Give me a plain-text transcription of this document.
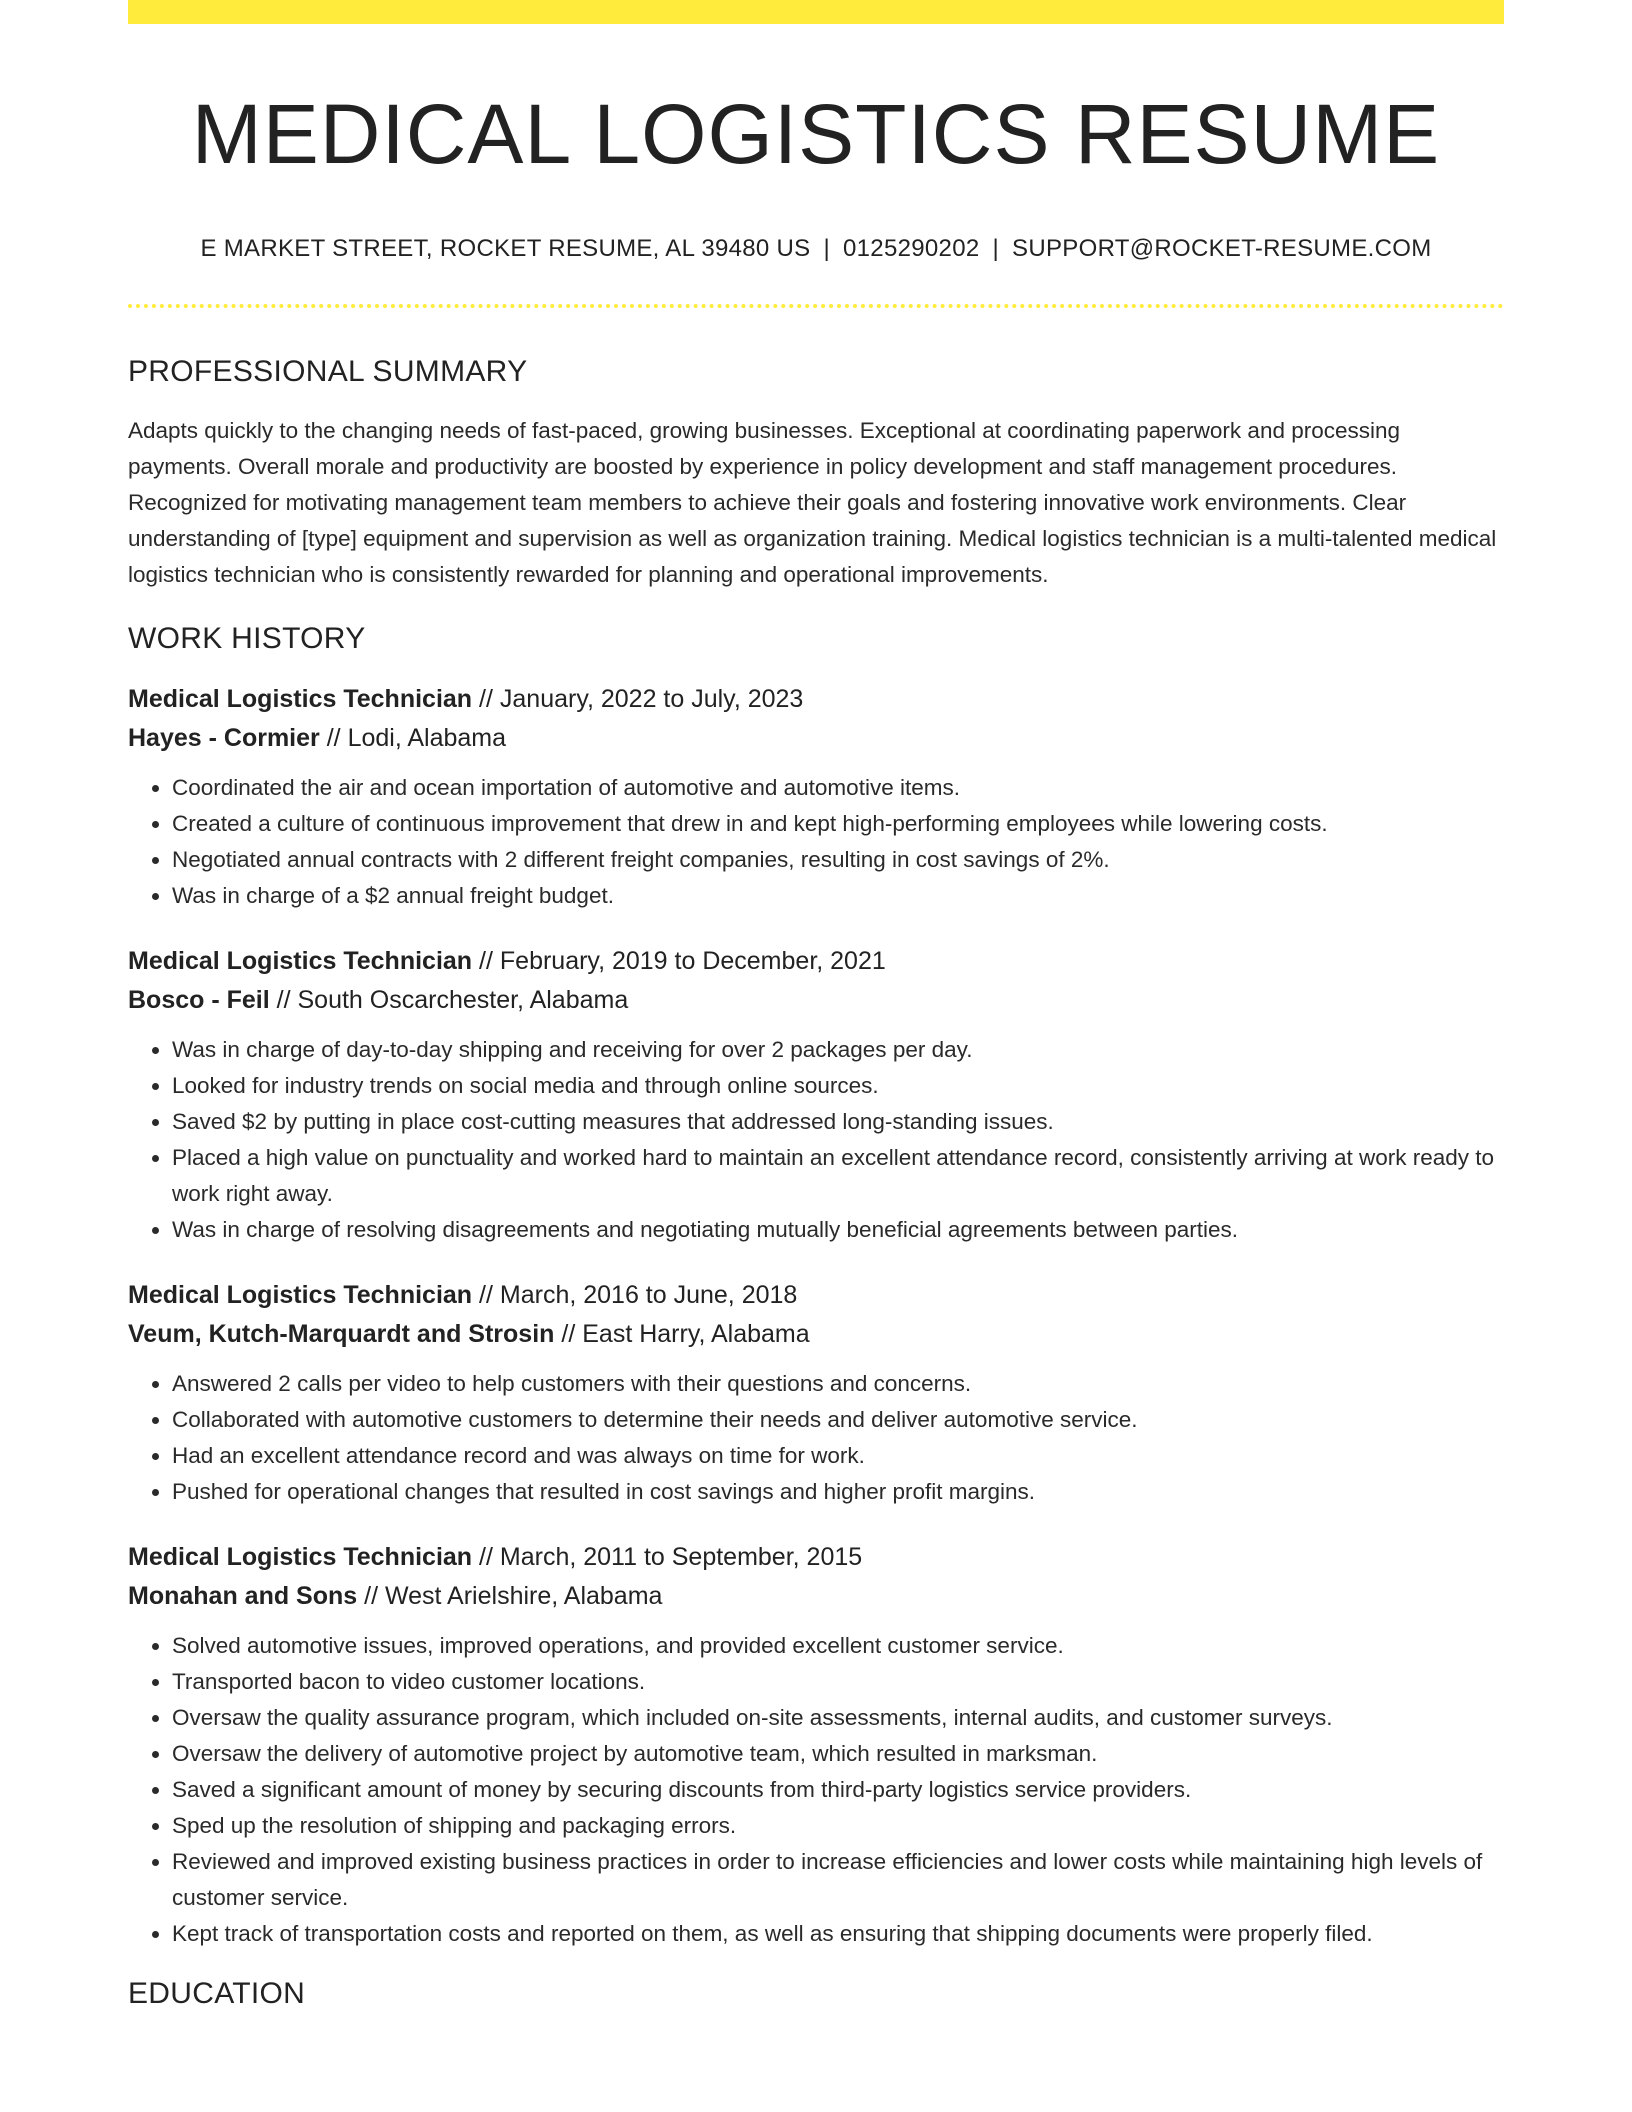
MEDICAL LOGISTICS RESUME
E MARKET STREET, ROCKET RESUME, AL 39480 US | 0125290202 | SUPPORT@ROCKET-RESUME.COM
PROFESSIONAL SUMMARY

Adapts quickly to the changing needs of fast-paced, growing businesses. Exceptional at coordinating paperwork and processing payments. Overall morale and productivity are boosted by experience in policy development and staff management procedures. Recognized for motivating management team members to achieve their goals and fostering innovative work environments. Clear understanding of [type] equipment and supervision as well as organization training. Medical logistics technician is a multi-talented medical logistics technician who is consistently rewarded for planning and operational improvements.

WORK HISTORY
Medical Logistics Technician // January, 2022 to July, 2023
Hayes - Cormier // Lodi, Alabama
• Coordinated the air and ocean importation of automotive and automotive items.
• Created a culture of continuous improvement that drew in and kept high-performing employees while lowering costs.
• Negotiated annual contracts with 2 different freight companies, resulting in cost savings of 2%.
• Was in charge of a $2 annual freight budget.
Medical Logistics Technician // February, 2019 to December, 2021
Bosco - Feil // South Oscarchester, Alabama
• Was in charge of day-to-day shipping and receiving for over 2 packages per day.
• Looked for industry trends on social media and through online sources.
• Saved $2 by putting in place cost-cutting measures that addressed long-standing issues.
• Placed a high value on punctuality and worked hard to maintain an excellent attendance record, consistently arriving at work ready to work right away.
• Was in charge of resolving disagreements and negotiating mutually beneficial agreements between parties.
Medical Logistics Technician // March, 2016 to June, 2018
Veum, Kutch-Marquardt and Strosin // East Harry, Alabama
• Answered 2 calls per video to help customers with their questions and concerns.
• Collaborated with automotive customers to determine their needs and deliver automotive service.
• Had an excellent attendance record and was always on time for work.
• Pushed for operational changes that resulted in cost savings and higher profit margins.
Medical Logistics Technician // March, 2011 to September, 2015
Monahan and Sons // West Arielshire, Alabama
• Solved automotive issues, improved operations, and provided excellent customer service.
• Transported bacon to video customer locations.
• Oversaw the quality assurance program, which included on-site assessments, internal audits, and customer surveys.
• Oversaw the delivery of automotive project by automotive team, which resulted in marksman.
• Saved a significant amount of money by securing discounts from third-party logistics service providers.
• Sped up the resolution of shipping and packaging errors.
• Reviewed and improved existing business practices in order to increase efficiencies and lower costs while maintaining high levels of customer service.
• Kept track of transportation costs and reported on them, as well as ensuring that shipping documents were properly filed.
EDUCATION
